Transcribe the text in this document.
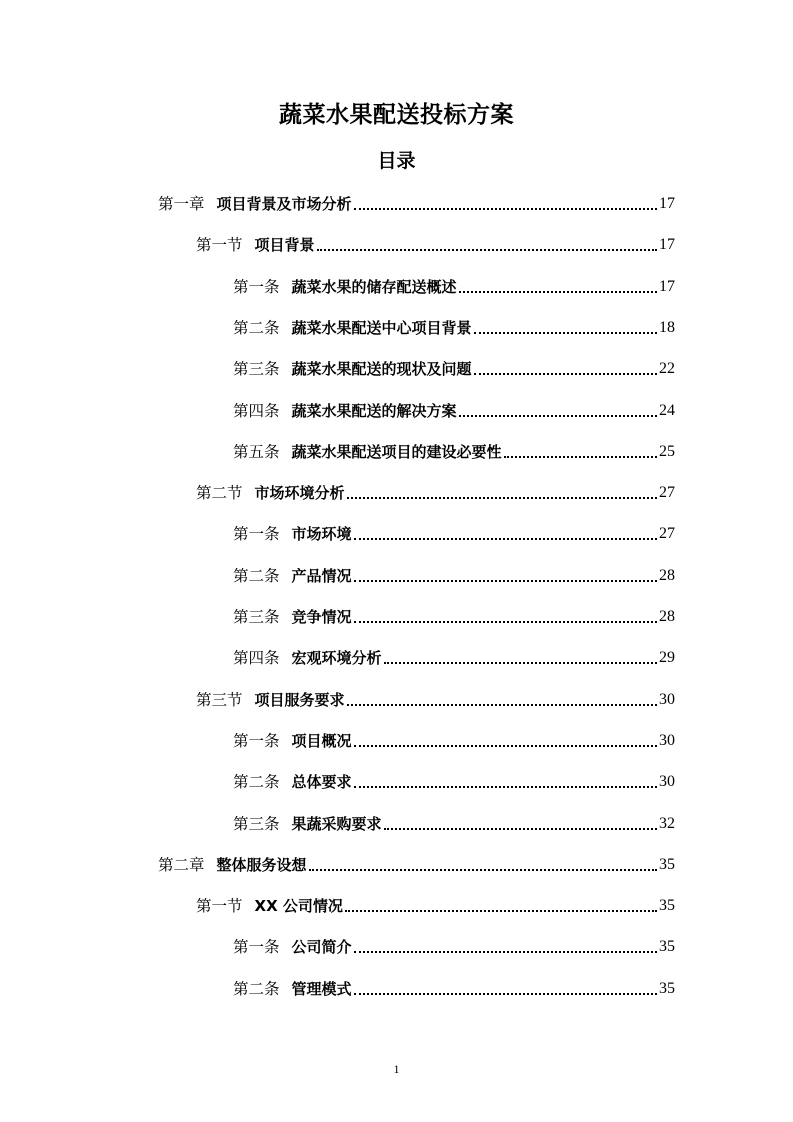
蔬菜水果配送投标方案
目录
第一章 项目背景及市场分析	17
第一节 项目背景	17
第一条 蔬菜水果的储存配送概述	17
第二条 蔬菜水果配送中心项目背景	18
第三条 蔬菜水果配送的现状及问题	22
第四条 蔬菜水果配送的解决方案	24
第五条 蔬菜水果配送项目的建设必要性	25
第二节 市场环境分析	27
第一条 市场环境	27
第二条 产品情况	28
第三条 竞争情况	28
第四条 宏观环境分析	29
第三节 项目服务要求	30
第一条 项目概况	30
第二条 总体要求	30
第三条 果蔬采购要求	32
第二章 整体服务设想	35
第一节 XX 公司情况	35
第一条 公司简介	35
第二条 管理模式	35
1
